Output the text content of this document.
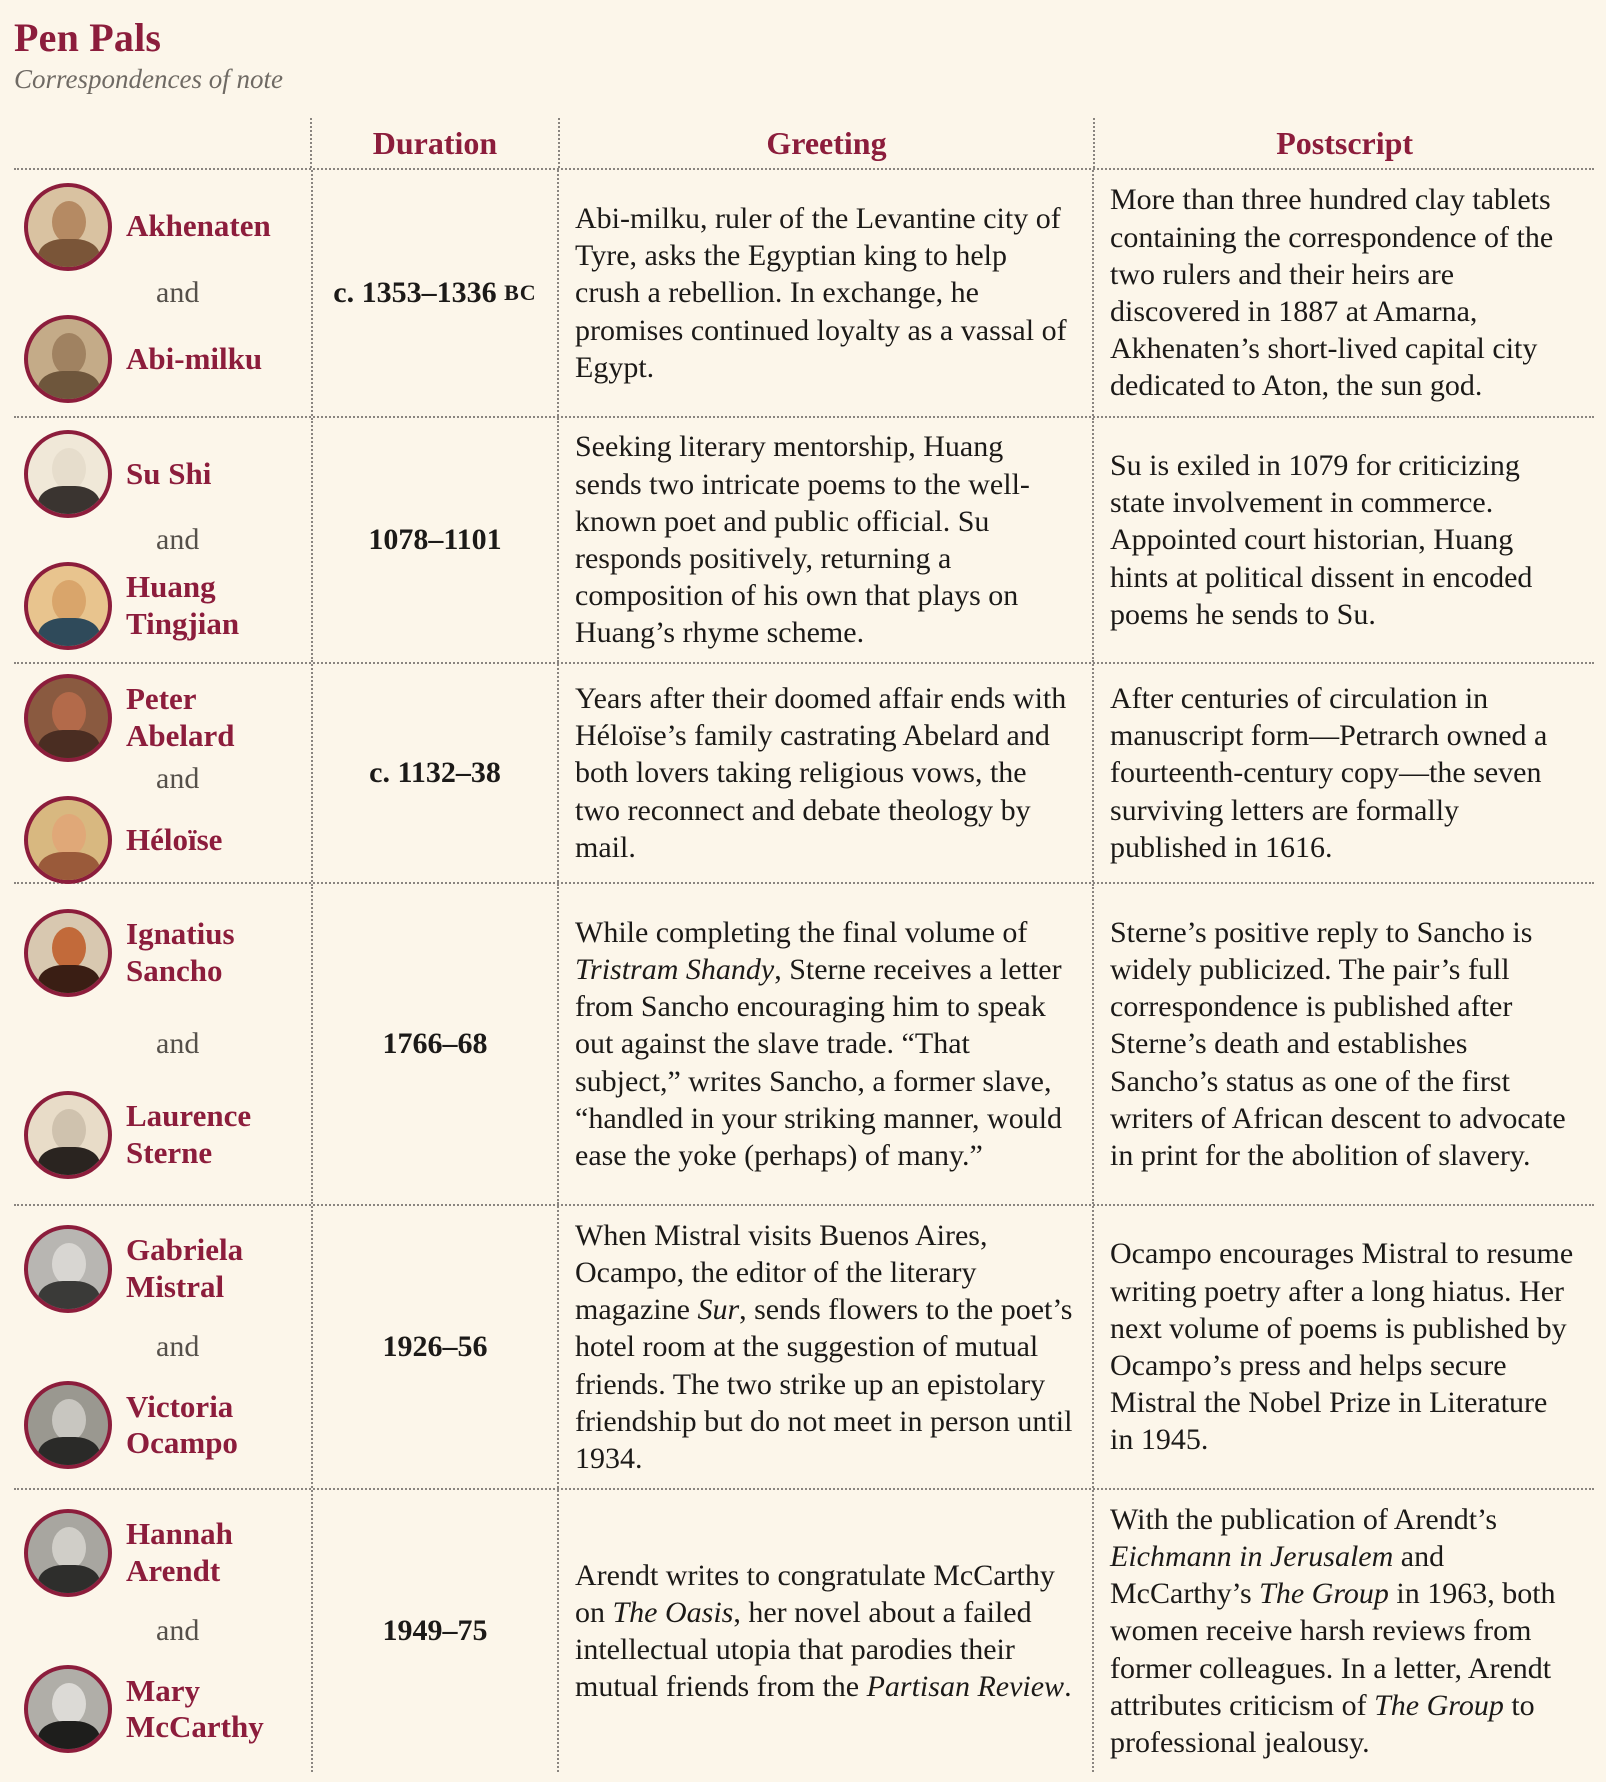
Pen Pals
Correspondences of note
Duration	Greeting	Postscript
Akhenaten
and
Abi-milku
c. 1353–1336
BC

Abi-milku, ruler of the Levantine city of Tyre, asks the Egyptian king to help crush a rebellion. In exchange, he promises continued loyalty as a vassal of Egypt.

More than three hundred clay tablets containing the correspondence of the two rulers and their heirs are discovered in 1887 at Amarna, Akhenaten’s short-lived capital city dedicated to Aton, the sun god.

Su Shi
and
Huang Tingjian
1078–1101

Seeking literary mentorship, Huang sends two intricate poems to the well-known poet and public official. Su responds positively, returning a composition of his own that plays on Huang’s rhyme scheme.

Su is exiled in 1079 for criticizing state involvement in commerce. Appointed court historian, Huang hints at political dissent in encoded poems he sends to Su.

Peter Abelard
and
Héloïse
c. 1132–38

Years after their doomed affair ends with Héloïse’s family castrating Abelard and both lovers taking religious vows, the two reconnect and debate theology by mail.

After centuries of circulation in manuscript form—Petrarch owned a fourteenth-century copy—the seven surviving letters are formally published in 1616.

Ignatius Sancho
and
Laurence Sterne
1766–68

While completing the final volume of Tristram Shandy, Sterne receives a letter from Sancho encouraging him to speak out against the slave trade. “That subject,” writes Sancho, a former slave, “handled in your striking manner, would ease the yoke (perhaps) of many.”

Sterne’s positive reply to Sancho is widely publicized. The pair’s full correspondence is published after Sterne’s death and establishes Sancho’s status as one of the first writers of African descent to advocate in print for the abolition of slavery.

Gabriela Mistral
and
Victoria Ocampo
1926–56

When Mistral visits Buenos Aires, Ocampo, the editor of the literary magazine Sur, sends flowers to the poet’s hotel room at the suggestion of mutual friends. The two strike up an epistolary friendship but do not meet in person until 1934.

Ocampo encourages Mistral to resume writing poetry after a long hiatus. Her next volume of poems is published by Ocampo’s press and helps secure Mistral the Nobel Prize in Literature in 1945.

Hannah Arendt
and
Mary McCarthy
1949–75

Arendt writes to congratulate McCarthy on The Oasis, her novel about a failed intellectual utopia that parodies their mutual friends from the Partisan Review.

With the publication of Arendt’s Eichmann in Jerusalem and McCarthy’s The Group in 1963, both women receive harsh reviews from former colleagues. In a letter, Arendt attributes criticism of The Group to professional jealousy.
